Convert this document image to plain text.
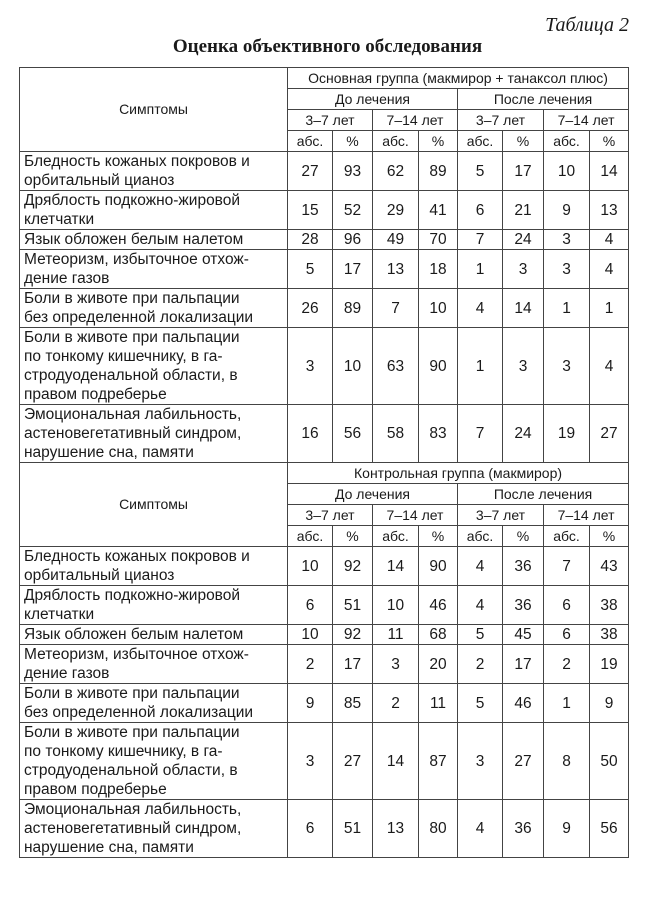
Таблица 2
Оценка объективного обследования
Симптомы	Основная группа (макмирор + танаксол плюс)							
	До лечения				После лечения			
	3–7 лет		7–14 лет		3–7 лет		7–14 лет	
	абс.	%	абс.	%	абс.	%	абс.	%

Бледность кожаных покровов и
орбитальный цианоз	27	93	62	89	5	17	10	14

Дряблость подкожно-жировой
клетчатки	15	52	29	41	6	21	9	13

Язык обложен белым налетом	28	96	49	70	7	24	3	4

Метеоризм, избыточное отхож-
дение газов	5	17	13	18	1	3	3	4

Боли в животе при пальпации
без определенной локализации	26	89	7	10	4	14	1	1

Боли в животе при пальпации
по тонкому кишечнику, в га-
стродуоденальной области, в
правом подреберье	3	10	63	90	1	3	3	4

Эмоциональная лабильность,
астеновегетативный синдром,
нарушение сна, памяти	16	56	58	83	7	24	19	27
Симптомы	Контрольная группа (макмирор)							
	До лечения				После лечения			
	3–7 лет		7–14 лет		3–7 лет		7–14 лет	
	абс.	%	абс.	%	абс.	%	абс.	%

Бледность кожаных покровов и
орбитальный цианоз	10	92	14	90	4	36	7	43

Дряблость подкожно-жировой
клетчатки	6	51	10	46	4	36	6	38

Язык обложен белым налетом	10	92	11	68	5	45	6	38

Метеоризм, избыточное отхож-
дение газов	2	17	3	20	2	17	2	19

Боли в животе при пальпации
без определенной локализации	9	85	2	11	5	46	1	9

Боли в животе при пальпации
по тонкому кишечнику, в га-
стродуоденальной области, в
правом подреберье	3	27	14	87	3	27	8	50

Эмоциональная лабильность,
астеновегетативный синдром,
нарушение сна, памяти	6	51	13	80	4	36	9	56
